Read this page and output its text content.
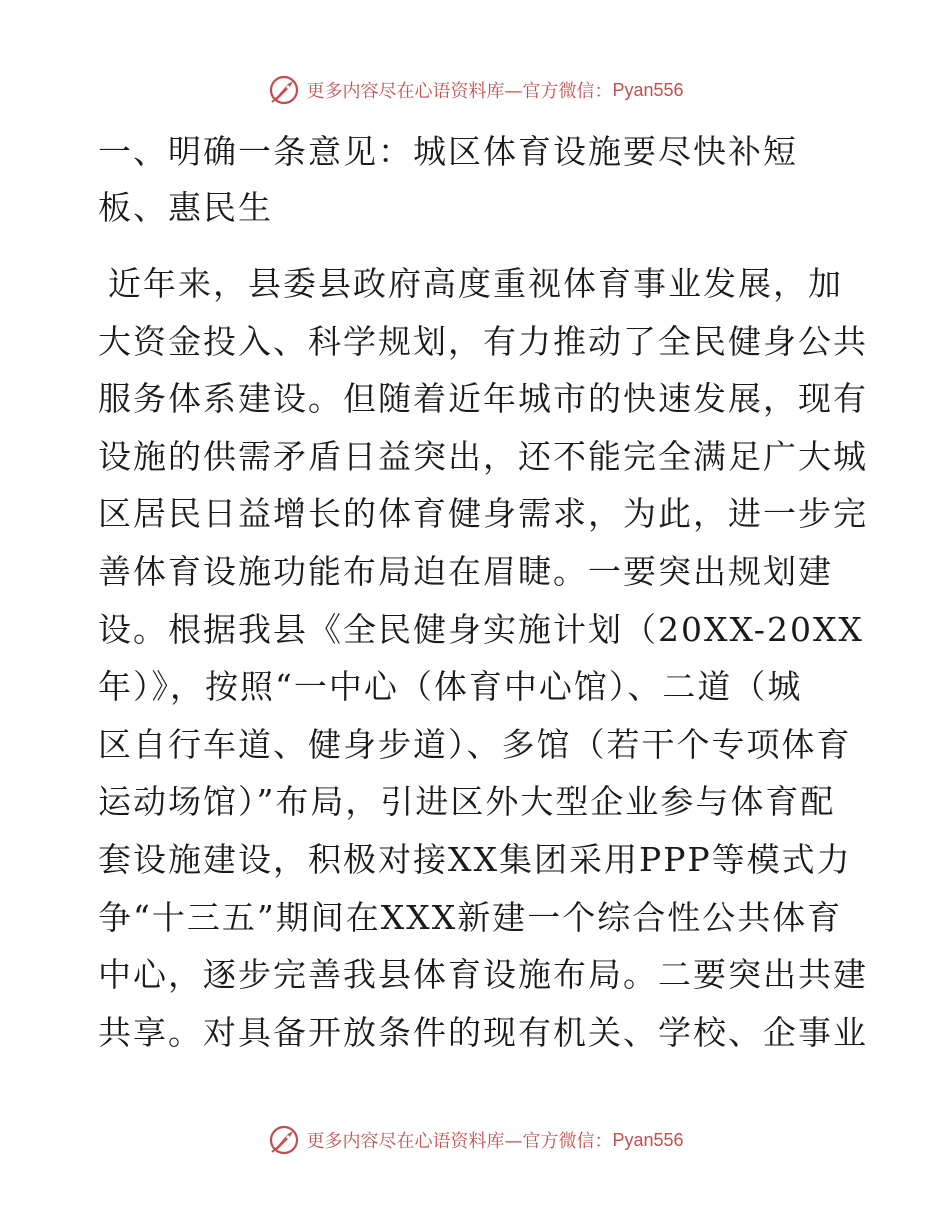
更多内容尽在心语资料库—官方微信： Pyan556
一、明确一条意见：城区体育设施要尽快补短
板、惠民生
近年来，县委县政府高度重视体育事业发展，加
大资金投入、科学规划，有力推动了全民健身公共
服务体系建设。但随着近年城市的快速发展，现有
设施的供需矛盾日益突出，还不能完全满足广大城
区居民日益增长的体育健身需求，为此，进一步完
善体育设施功能布局迫在眉睫。一要突出规划建
设。根据我县《全民健身实施计划（20XX-20XX
年）》，按照“一中心（体育中心馆）、二道（城
区自行车道、健身步道）、多馆（若干个专项体育
运动场馆）”布局，引进区外大型企业参与体育配
套设施建设，积极对接XX集团采用PPP等模式力
争“十三五”期间在XXX新建一个综合性公共体育
中心，逐步完善我县体育设施布局。二要突出共建
共享。对具备开放条件的现有机关、学校、企事业
更多内容尽在心语资料库—官方微信： Pyan556
